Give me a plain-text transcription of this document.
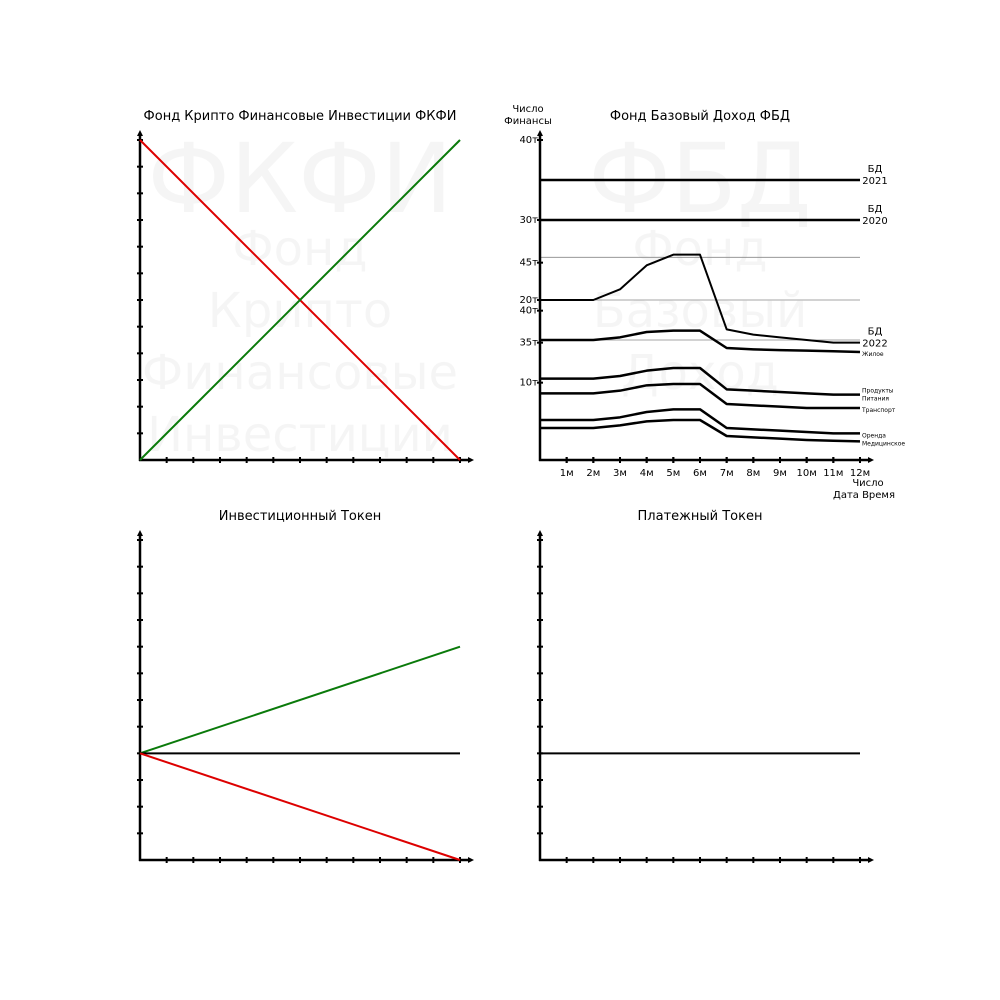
Фонд Крипто Финансовые Инвестиции ФКФИ
ФКФИ
Фонд
Крипто
Финансовые
Инвестиции
Фонд Базовый Доход ФБД
ФБД
Фонд
Базовый
Доход
1м 2м 3м 4м 5м 6м 7м 8м 9м 10м 11м 12м
40т
30т
45т
20т
40т
35т
10т
Число
Финансы
Число
Дата Время
БД
2021
БД
2020
БД
2022
Жилое
Продукты
Питания
Транспорт
Оренда
Медицинское
Инвестиционный Токен	Платежный Токен
